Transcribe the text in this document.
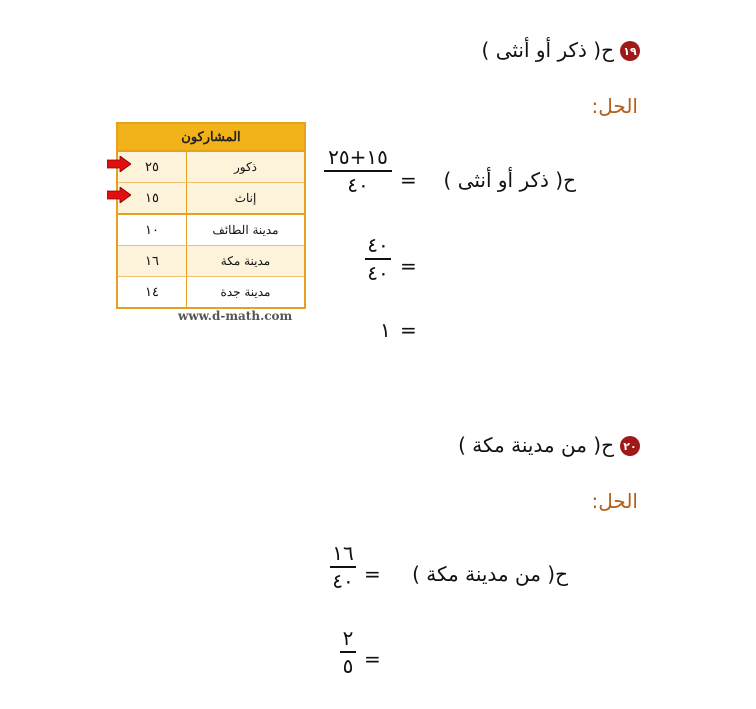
١٩
ح( ذكر أو أنثى )
الحل:
المشاركون
٢٥	ذكور
١٥	إناث
١٠	مدينة الطائف
١٦	مدينة مكة
١٤	مدينة جدة
www.d-math.com
ح( ذكر أو أنثى )
=
١٥+٢٥
٤٠
=
٤٠
٤٠
=
١
٢٠
ح( من مدينة مكة )
الحل:
ح( من مدينة مكة )
=
١٦
٤٠
=
٢
٥
